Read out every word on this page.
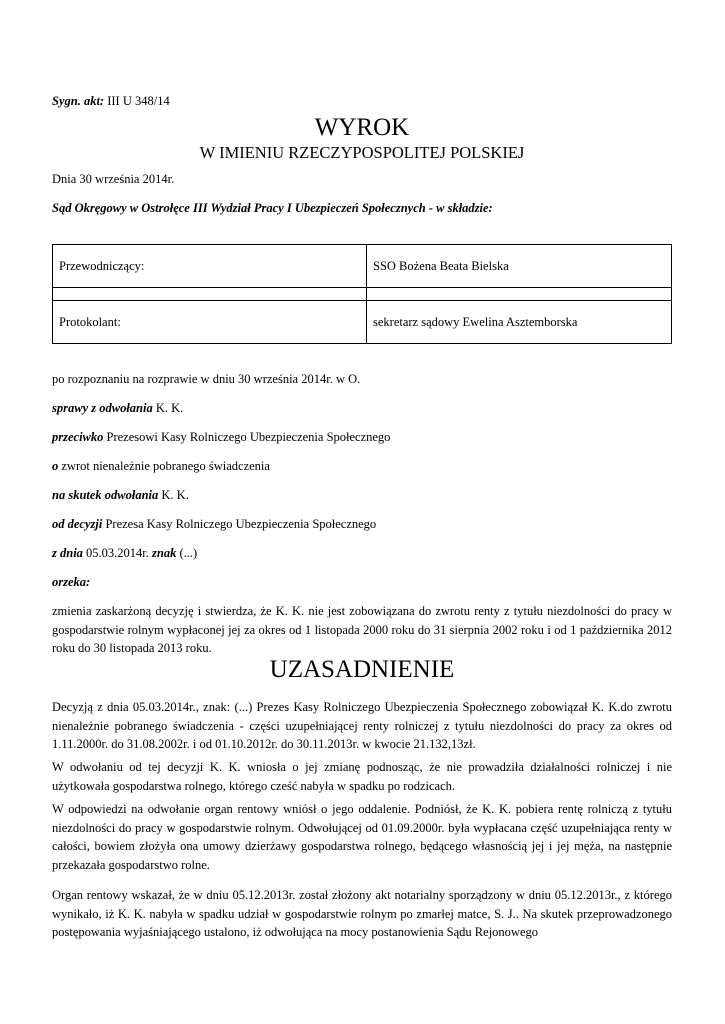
Sygn. akt: III U 348/14

WYROK
W IMIENIU RZECZYPOSPOLITEJ POLSKIEJ

Dnia 30 września 2014r.

Sąd Okręgowy w Ostrołęce III Wydział Pracy I Ubezpieczeń Społecznych - w składzie:

Przewodniczący:	SSO Bożena Beata Bielska

Protokolant:	sekretarz sądowy Ewelina Asztemborska

po rozpoznaniu na rozprawie w dniu 30 września 2014r. w O.

sprawy z odwołania K. K.

przeciwko Prezesowi Kasy Rolniczego Ubezpieczenia Społecznego

o zwrot nienależnie pobranego świadczenia

na skutek odwołania K. K.

od decyzji Prezesa Kasy Rolniczego Ubezpieczenia Społecznego

z dnia 05.03.2014r. znak (...)

orzeka:

zmienia zaskarżoną decyzję i stwierdza, że K. K. nie jest zobowiązana do zwrotu renty z tytułu niezdolności do pracy w gospodarstwie rolnym wypłaconej jej za okres od 1 listopada 2000 roku do 31 sierpnia 2002 roku i od 1 października 2012 roku do 30 listopada 2013 roku.

UZASADNIENIE

Decyzją z dnia 05.03.2014r., znak: (...) Prezes Kasy Rolniczego Ubezpieczenia Społecznego zobowiązał K. K.do zwrotu nienależnie pobranego świadczenia - części uzupełniającej renty rolniczej z tytułu niezdolności do pracy za okres od 1.11.2000r. do 31.08.2002r. i od 01.10.2012r. do 30.11.2013r. w kwocie 21.132,13zł.

W odwołaniu od tej decyzji K. K. wniosła o jej zmianę podnosząc, że nie prowadziła działalności rolniczej i nie użytkowała gospodarstwa rolnego, którego cześć nabyła w spadku po rodzicach.

W odpowiedzi na odwołanie organ rentowy wniósł o jego oddalenie. Podniósł, że K. K. pobiera rentę rolniczą z tytułu niezdolności do pracy w gospodarstwie rolnym. Odwołującej od 01.09.2000r. była wypłacana część uzupełniająca renty w całości, bowiem złożyła ona umowy dzierżawy gospodarstwa rolnego, będącego własnością jej i jej męża, na następnie przekazała gospodarstwo rolne.

Organ rentowy wskazał, że w dniu 05.12.2013r. został złożony akt notarialny sporządzony w dniu 05.12.2013r., z którego wynikało, iż K. K. nabyła w spadku udział w gospodarstwie rolnym po zmarłej matce, S. J.. Na skutek przeprowadzonego postępowania wyjaśniającego ustalono, iż odwołująca na mocy postanowienia Sądu Rejonowego
